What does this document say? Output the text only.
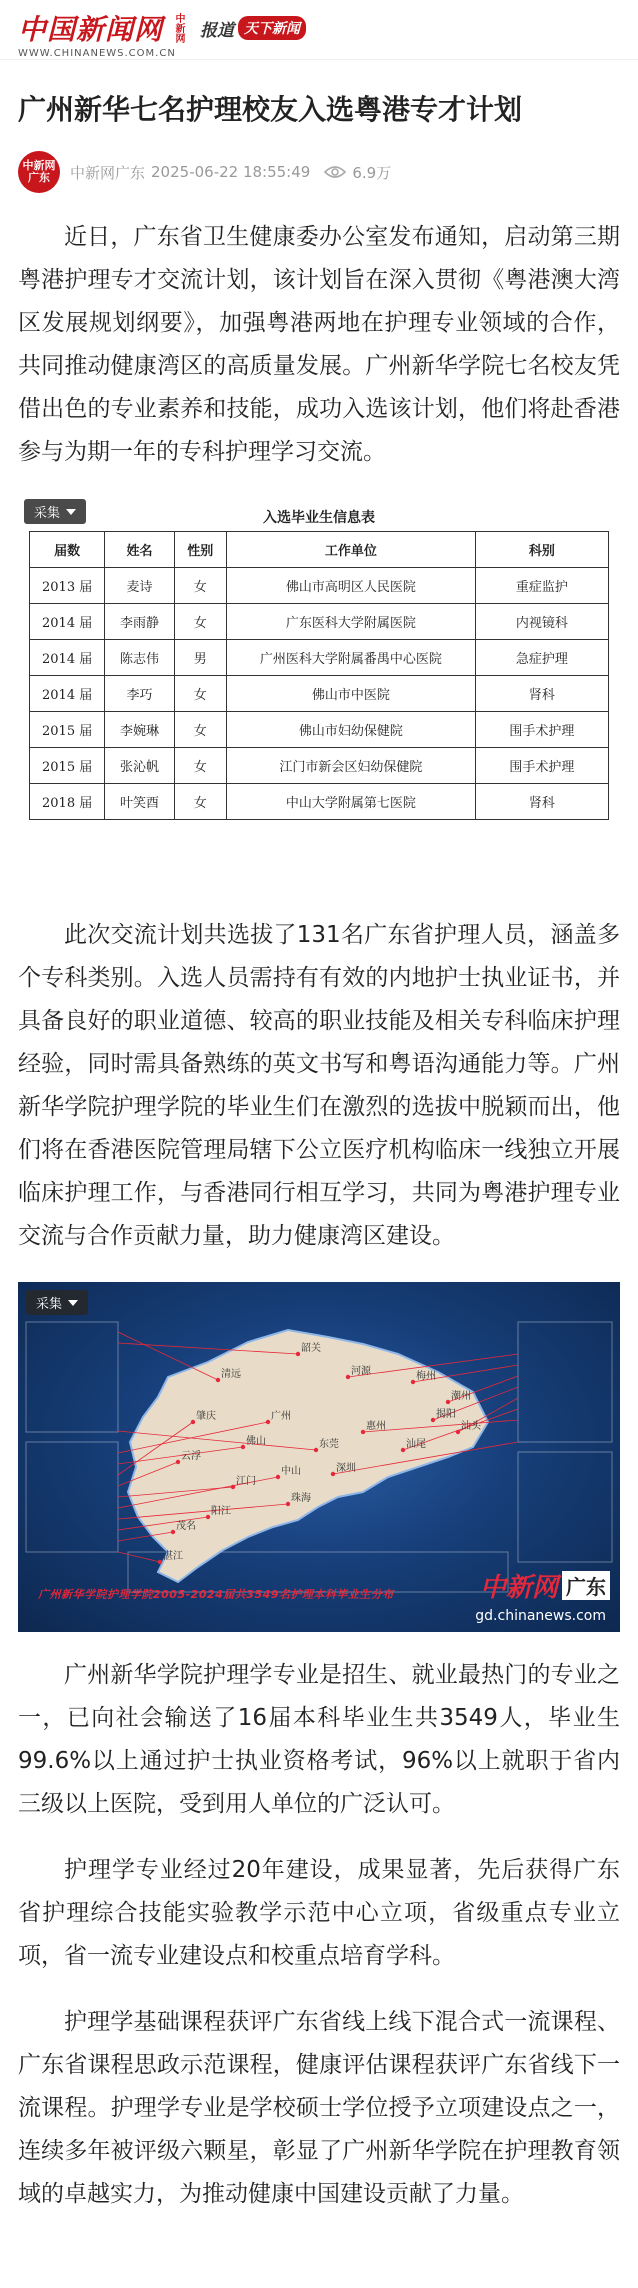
中国新闻网 中新网 报道 天下新闻
WWW.CHINANEWS.COM.CN
广州新华七名护理校友入选粤港专才计划
中新网
广东 中新网广东 2025-06-22 18:55:49	6.9万

近日，广东省卫生健康委办公室发布通知，启动第三期粤港护理专才交流计划，该计划旨在深入贯彻《粤港澳大湾区发展规划纲要》，加强粤港两地在护理专业领域的合作，共同推动健康湾区的高质量发展。广州新华学院七名校友凭借出色的专业素养和技能，成功入选该计划，他们将赴香港参与为期一年的专科护理学习交流。

采集	入选毕业生信息表
届数	姓名	性别	工作单位	科别
2013 届	麦诗	女	佛山市高明区人民医院	重症监护
2014 届	李雨静	女	广东医科大学附属医院	内视镜科
2014 届	陈志伟	男	广州医科大学附属番禺中心医院	急症护理
2014 届	李巧	女	佛山市中医院	肾科
2015 届	李婉琳	女	佛山市妇幼保健院	围手术护理
2015 届	张沁帆	女	江门市新会区妇幼保健院	围手术护理
2018 届	叶笑酉	女	中山大学附属第七医院	肾科

此次交流计划共选拔了131名广东省护理人员，涵盖多个专科类别。入选人员需持有有效的内地护士执业证书，并具备良好的职业道德、较高的职业技能及相关专科临床护理经验，同时需具备熟练的英文书写和粤语沟通能力等。广州新华学院护理学院的毕业生们在激烈的选拔中脱颖而出，他们将在香港医院管理局辖下公立医疗机构临床一线独立开展临床护理工作，与香港同行相互学习，共同为粤港护理专业交流与合作贡献力量，助力健康湾区建设。

清远
韶关
河源	梅州
潮州
揭阳
汕头
汕尾
惠州
东莞
深圳
广州
佛山
肇庆
云浮
江门
中山
珠海
阳江
茂名
湛江
采集
广州新华学院护理学院2005-2024届共3549名护理本科毕业生分布	中新网 广东
gd.chinanews.com

广州新华学院护理学专业是招生、就业最热门的专业之一，已向社会输送了16届本科毕业生共3549人，毕业生99.6%以上通过护士执业资格考试，96%以上就职于省内三级以上医院，受到用人单位的广泛认可。

护理学专业经过20年建设，成果显著，先后获得广东省护理综合技能实验教学示范中心立项，省级重点专业立项，省一流专业建设点和校重点培育学科。

护理学基础课程获评广东省线上线下混合式一流课程、广东省课程思政示范课程，健康评估课程获评广东省线下一流课程。护理学专业是学校硕士学位授予立项建设点之一，连续多年被评级六颗星，彰显了广州新华学院在护理教育领域的卓越实力，为推动健康中国建设贡献了力量。
